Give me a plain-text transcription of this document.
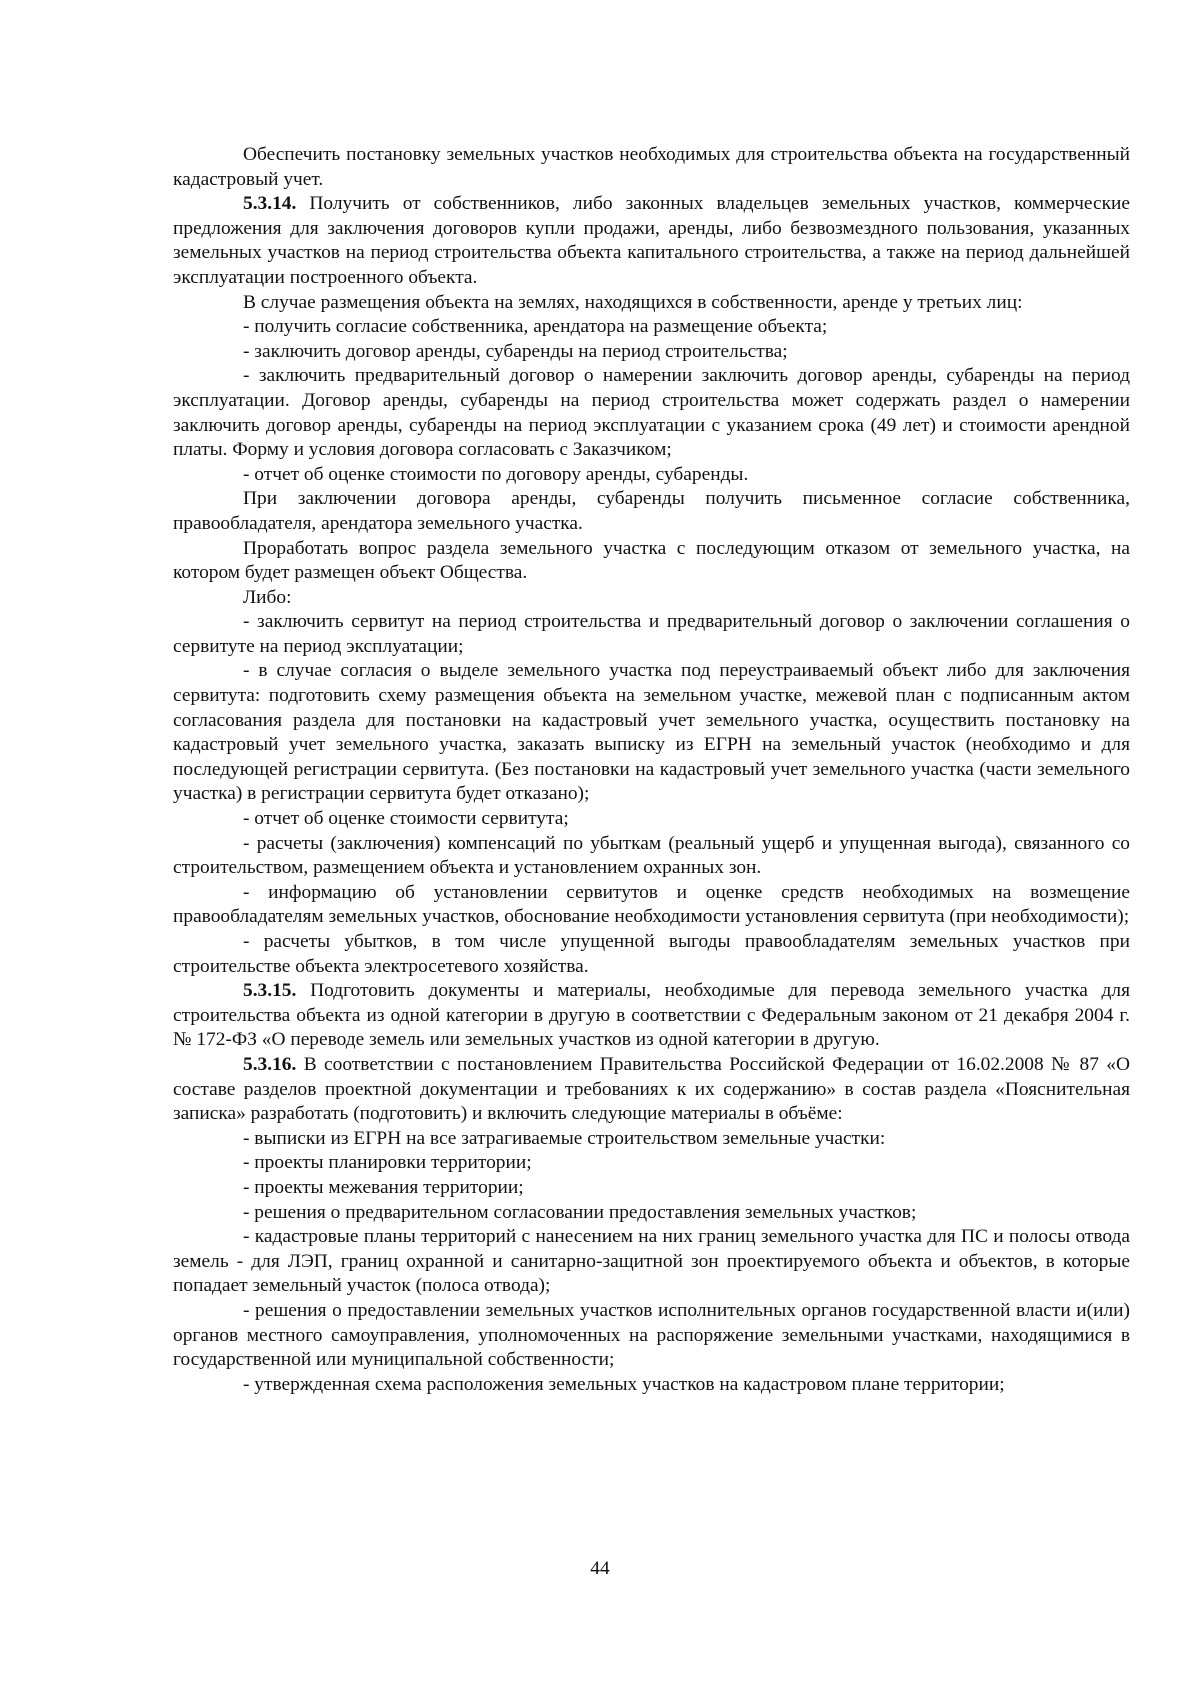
Обеспечить постановку земельных участков необходимых для строительства объекта на государственный кадастровый учет.

5.3.14. Получить от собственников, либо законных владельцев земельных участков, коммерческие предложения для заключения договоров купли продажи, аренды, либо безвозмездного пользования, указанных земельных участков на период строительства объекта капитального строительства, а также на период дальнейшей эксплуатации построенного объекта.

В случае размещения объекта на землях, находящихся в собственности, аренде у третьих лиц:

- получить согласие собственника, арендатора на размещение объекта;

- заключить договор аренды, субаренды на период строительства;

- заключить предварительный договор о намерении заключить договор аренды, субаренды на период эксплуатации. Договор аренды, субаренды на период строительства может содержать раздел о намерении заключить договор аренды, субаренды на период эксплуатации с указанием срока (49 лет) и стоимости арендной платы. Форму и условия договора согласовать с Заказчиком;

- отчет об оценке стоимости по договору аренды, субаренды.

При заключении договора аренды, субаренды получить письменное согласие собственника, правообладателя, арендатора земельного участка.

Проработать вопрос раздела земельного участка с последующим отказом от земельного участка, на котором будет размещен объект Общества.

Либо:

- заключить сервитут на период строительства и предварительный договор о заключении соглашения о сервитуте на период эксплуатации;

- в случае согласия о выделе земельного участка под переустраиваемый объект либо для заключения сервитута: подготовить схему размещения объекта на земельном участке, межевой план с подписанным актом согласования раздела для постановки на кадастровый учет земельного участка, осуществить постановку на кадастровый учет земельного участка, заказать выписку из ЕГРН на земельный участок (необходимо и для последующей регистрации сервитута. (Без постановки на кадастровый учет земельного участка (части земельного участка) в регистрации сервитута будет отказано);

- отчет об оценке стоимости сервитута;

- расчеты (заключения) компенсаций по убыткам (реальный ущерб и упущенная выгода), связанного со строительством, размещением объекта и установлением охранных зон.

- информацию об установлении сервитутов и оценке средств необходимых на возмещение правообладателям земельных участков, обоснование необходимости установления сервитута (при необходимости);

- расчеты убытков, в том числе упущенной выгоды правообладателям земельных участков при строительстве объекта электросетевого хозяйства.

5.3.15. Подготовить документы и материалы, необходимые для перевода земельного участка для строительства объекта из одной категории в другую в соответствии с Федеральным законом от 21 декабря 2004 г. № 172-ФЗ «О переводе земель или земельных участков из одной категории в другую.

5.3.16. В соответствии с постановлением Правительства Российской Федерации от 16.02.2008 № 87 «О составе разделов проектной документации и требованиях к их содержанию» в состав раздела «Пояснительная записка» разработать (подготовить) и включить следующие материалы в объёме:

- выписки из ЕГРН на все затрагиваемые строительством земельные участки:

- проекты планировки территории;

- проекты межевания территории;

- решения о предварительном согласовании предоставления земельных участков;

- кадастровые планы территорий с нанесением на них границ земельного участка для ПС и полосы отвода земель - для ЛЭП, границ охранной и санитарно-защитной зон проектируемого объекта и объектов, в которые попадает земельный участок (полоса отвода);

- решения о предоставлении земельных участков исполнительных органов государственной власти и(или) органов местного самоуправления, уполномоченных на распоряжение земельными участками, находящимися в государственной или муниципальной собственности;

- утвержденная схема расположения земельных участков на кадастровом плане территории;

44
